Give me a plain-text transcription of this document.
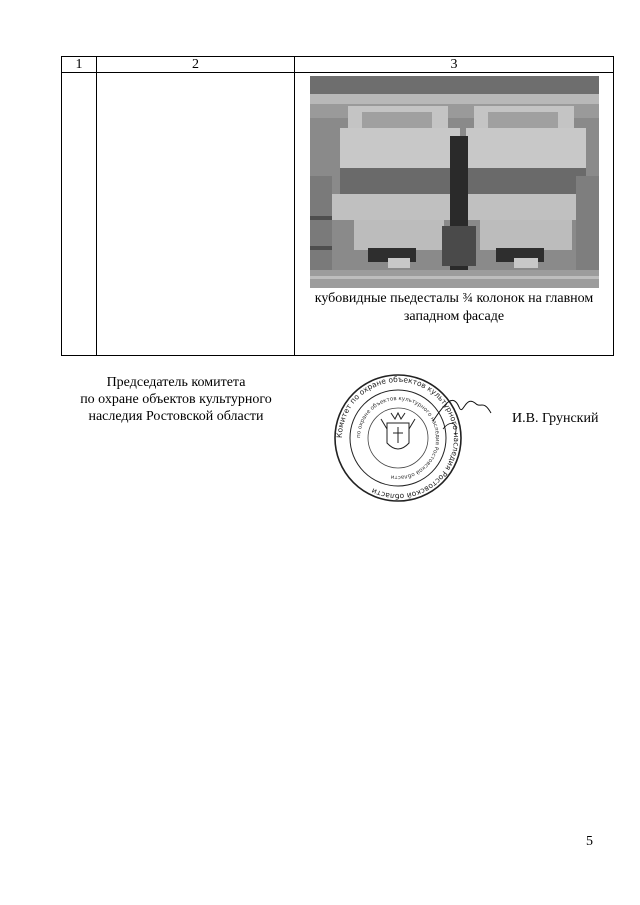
1	2	3

		кубовидные пьедесталы ¾ колонок на главном западном фасаде
Председатель комитета
по охране объектов культурного
наследия Ростовской области
Комитет по охране объектов культурного наследия Ростовской области
по охране объектов культурного наследия Ростовской области
И.В. Грунский
5
